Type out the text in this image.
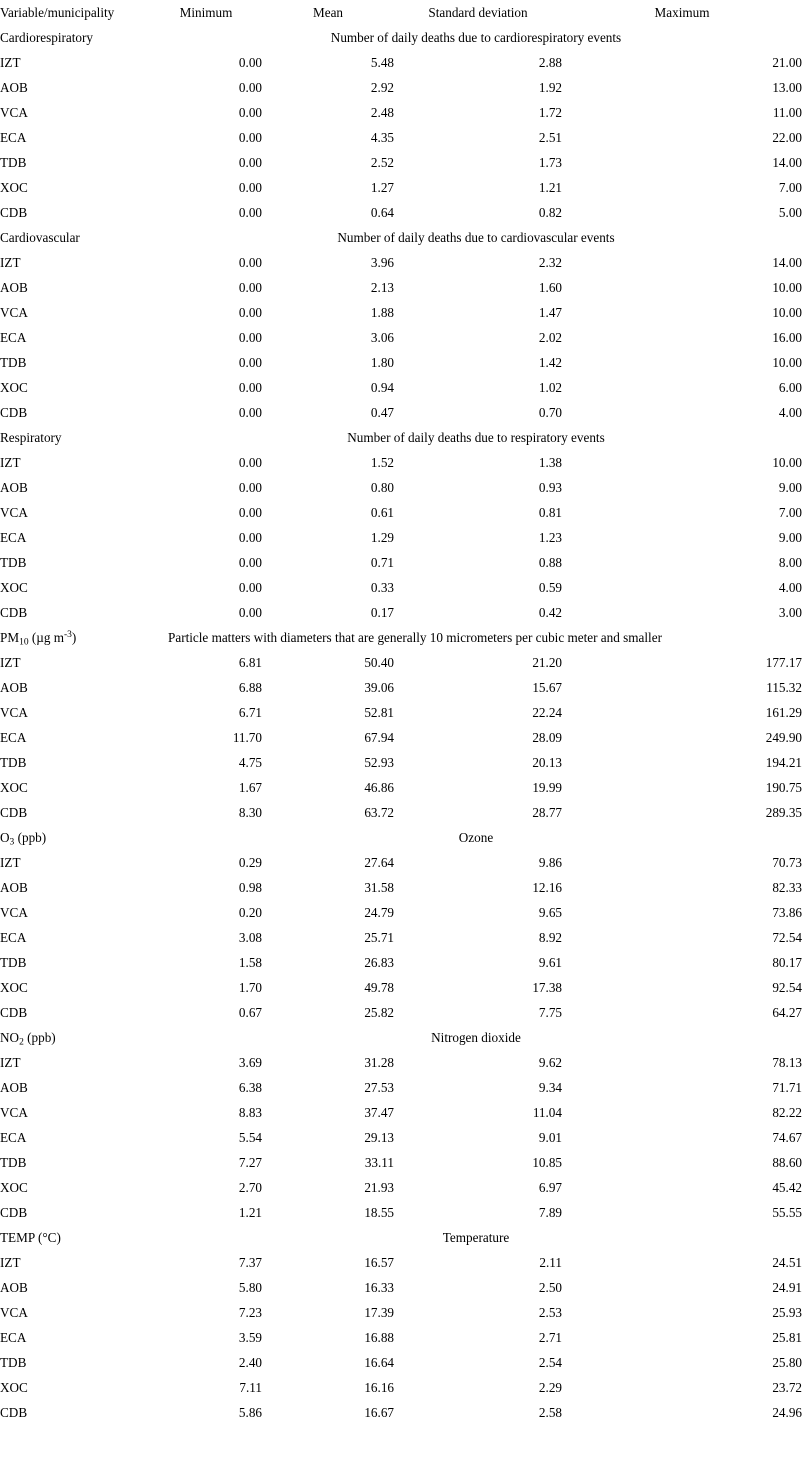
Variable/municipality	Minimum	Mean	Standard deviation	Maximum
Cardiorespiratory	Number of daily deaths due to cardiorespiratory events			
IZT	0.00	5.48	2.88	21.00
AOB	0.00	2.92	1.92	13.00
VCA	0.00	2.48	1.72	11.00
ECA	0.00	4.35	2.51	22.00
TDB	0.00	2.52	1.73	14.00
XOC	0.00	1.27	1.21	7.00
CDB	0.00	0.64	0.82	5.00
Cardiovascular	Number of daily deaths due to cardiovascular events			
IZT	0.00	3.96	2.32	14.00
AOB	0.00	2.13	1.60	10.00
VCA	0.00	1.88	1.47	10.00
ECA	0.00	3.06	2.02	16.00
TDB	0.00	1.80	1.42	10.00
XOC	0.00	0.94	1.02	6.00
CDB	0.00	0.47	0.70	4.00
Respiratory	Number of daily deaths due to respiratory events			
IZT	0.00	1.52	1.38	10.00
AOB	0.00	0.80	0.93	9.00
VCA	0.00	0.61	0.81	7.00
ECA	0.00	1.29	1.23	9.00
TDB	0.00	0.71	0.88	8.00
XOC	0.00	0.33	0.59	4.00
CDB	0.00	0.17	0.42	3.00
$PM_{10}$ (µg $m^{-3}$)	Particle matters with diameters that are generally 10 micrometers per cubic meter and smaller			
IZT	6.81	50.40	21.20	177.17
AOB	6.88	39.06	15.67	115.32
VCA	6.71	52.81	22.24	161.29
ECA	11.70	67.94	28.09	249.90
TDB	4.75	52.93	20.13	194.21
XOC	1.67	46.86	19.99	190.75
CDB	8.30	63.72	28.77	289.35
$O_3$ (ppb)	Ozone			
IZT	0.29	27.64	9.86	70.73
AOB	0.98	31.58	12.16	82.33
VCA	0.20	24.79	9.65	73.86
ECA	3.08	25.71	8.92	72.54
TDB	1.58	26.83	9.61	80.17
XOC	1.70	49.78	17.38	92.54
CDB	0.67	25.82	7.75	64.27
$NO_2$ (ppb)	Nitrogen dioxide			
IZT	3.69	31.28	9.62	78.13
AOB	6.38	27.53	9.34	71.71
VCA	8.83	37.47	11.04	82.22
ECA	5.54	29.13	9.01	74.67
TDB	7.27	33.11	10.85	88.60
XOC	2.70	21.93	6.97	45.42
CDB	1.21	18.55	7.89	55.55
TEMP (°C)	Temperature			
IZT	7.37	16.57	2.11	24.51
AOB	5.80	16.33	2.50	24.91
VCA	7.23	17.39	2.53	25.93
ECA	3.59	16.88	2.71	25.81
TDB	2.40	16.64	2.54	25.80
XOC	7.11	16.16	2.29	23.72
CDB	5.86	16.67	2.58	24.96
